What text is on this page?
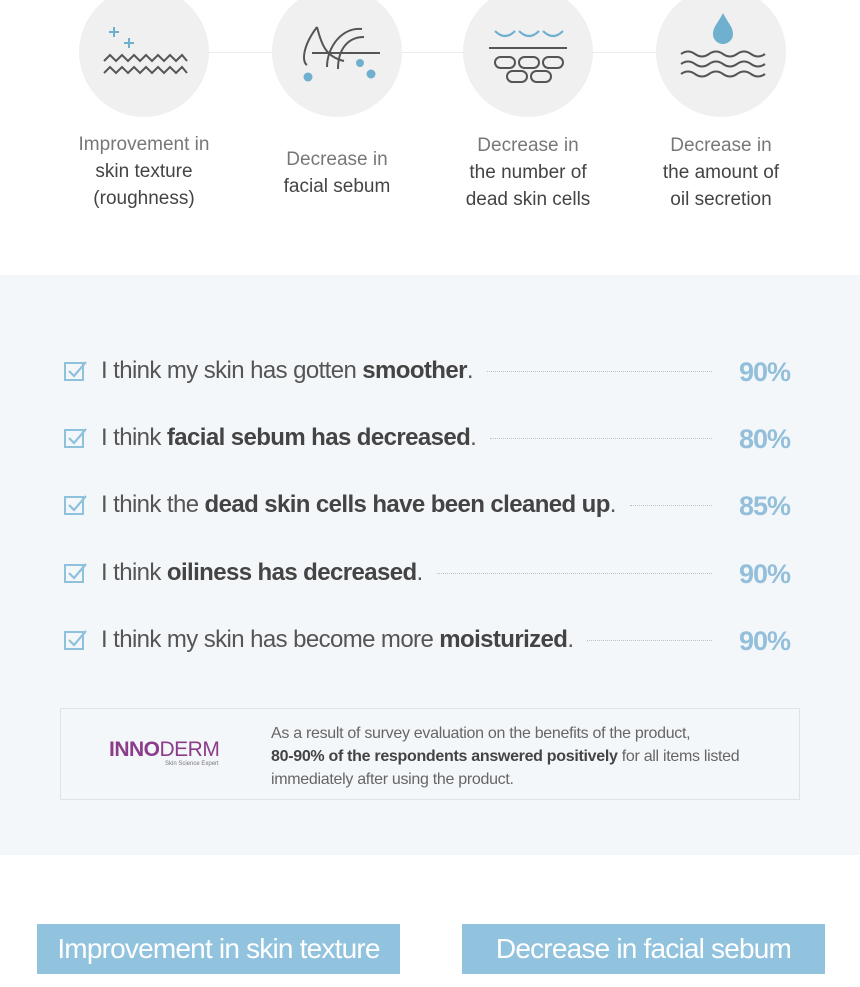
Improvement in
skin texture
(roughness)
Decrease in
facial sebum
Decrease in
the number of
dead skin cells
Decrease in
the amount of
oil secretion
I think my skin has gotten smoother.	90%
I think facial sebum has decreased.	80%
I think the dead skin cells have been cleaned up.	85%
I think oiliness has decreased.	90%
I think my skin has become more moisturized.	90%
INNODERM
Skin Science Expert
As a result of survey evaluation on the benefits of the product,
80-90% of the respondents answered positively for all items listed immediately after using the product.
Improvement in skin texture	Decrease in facial sebum
